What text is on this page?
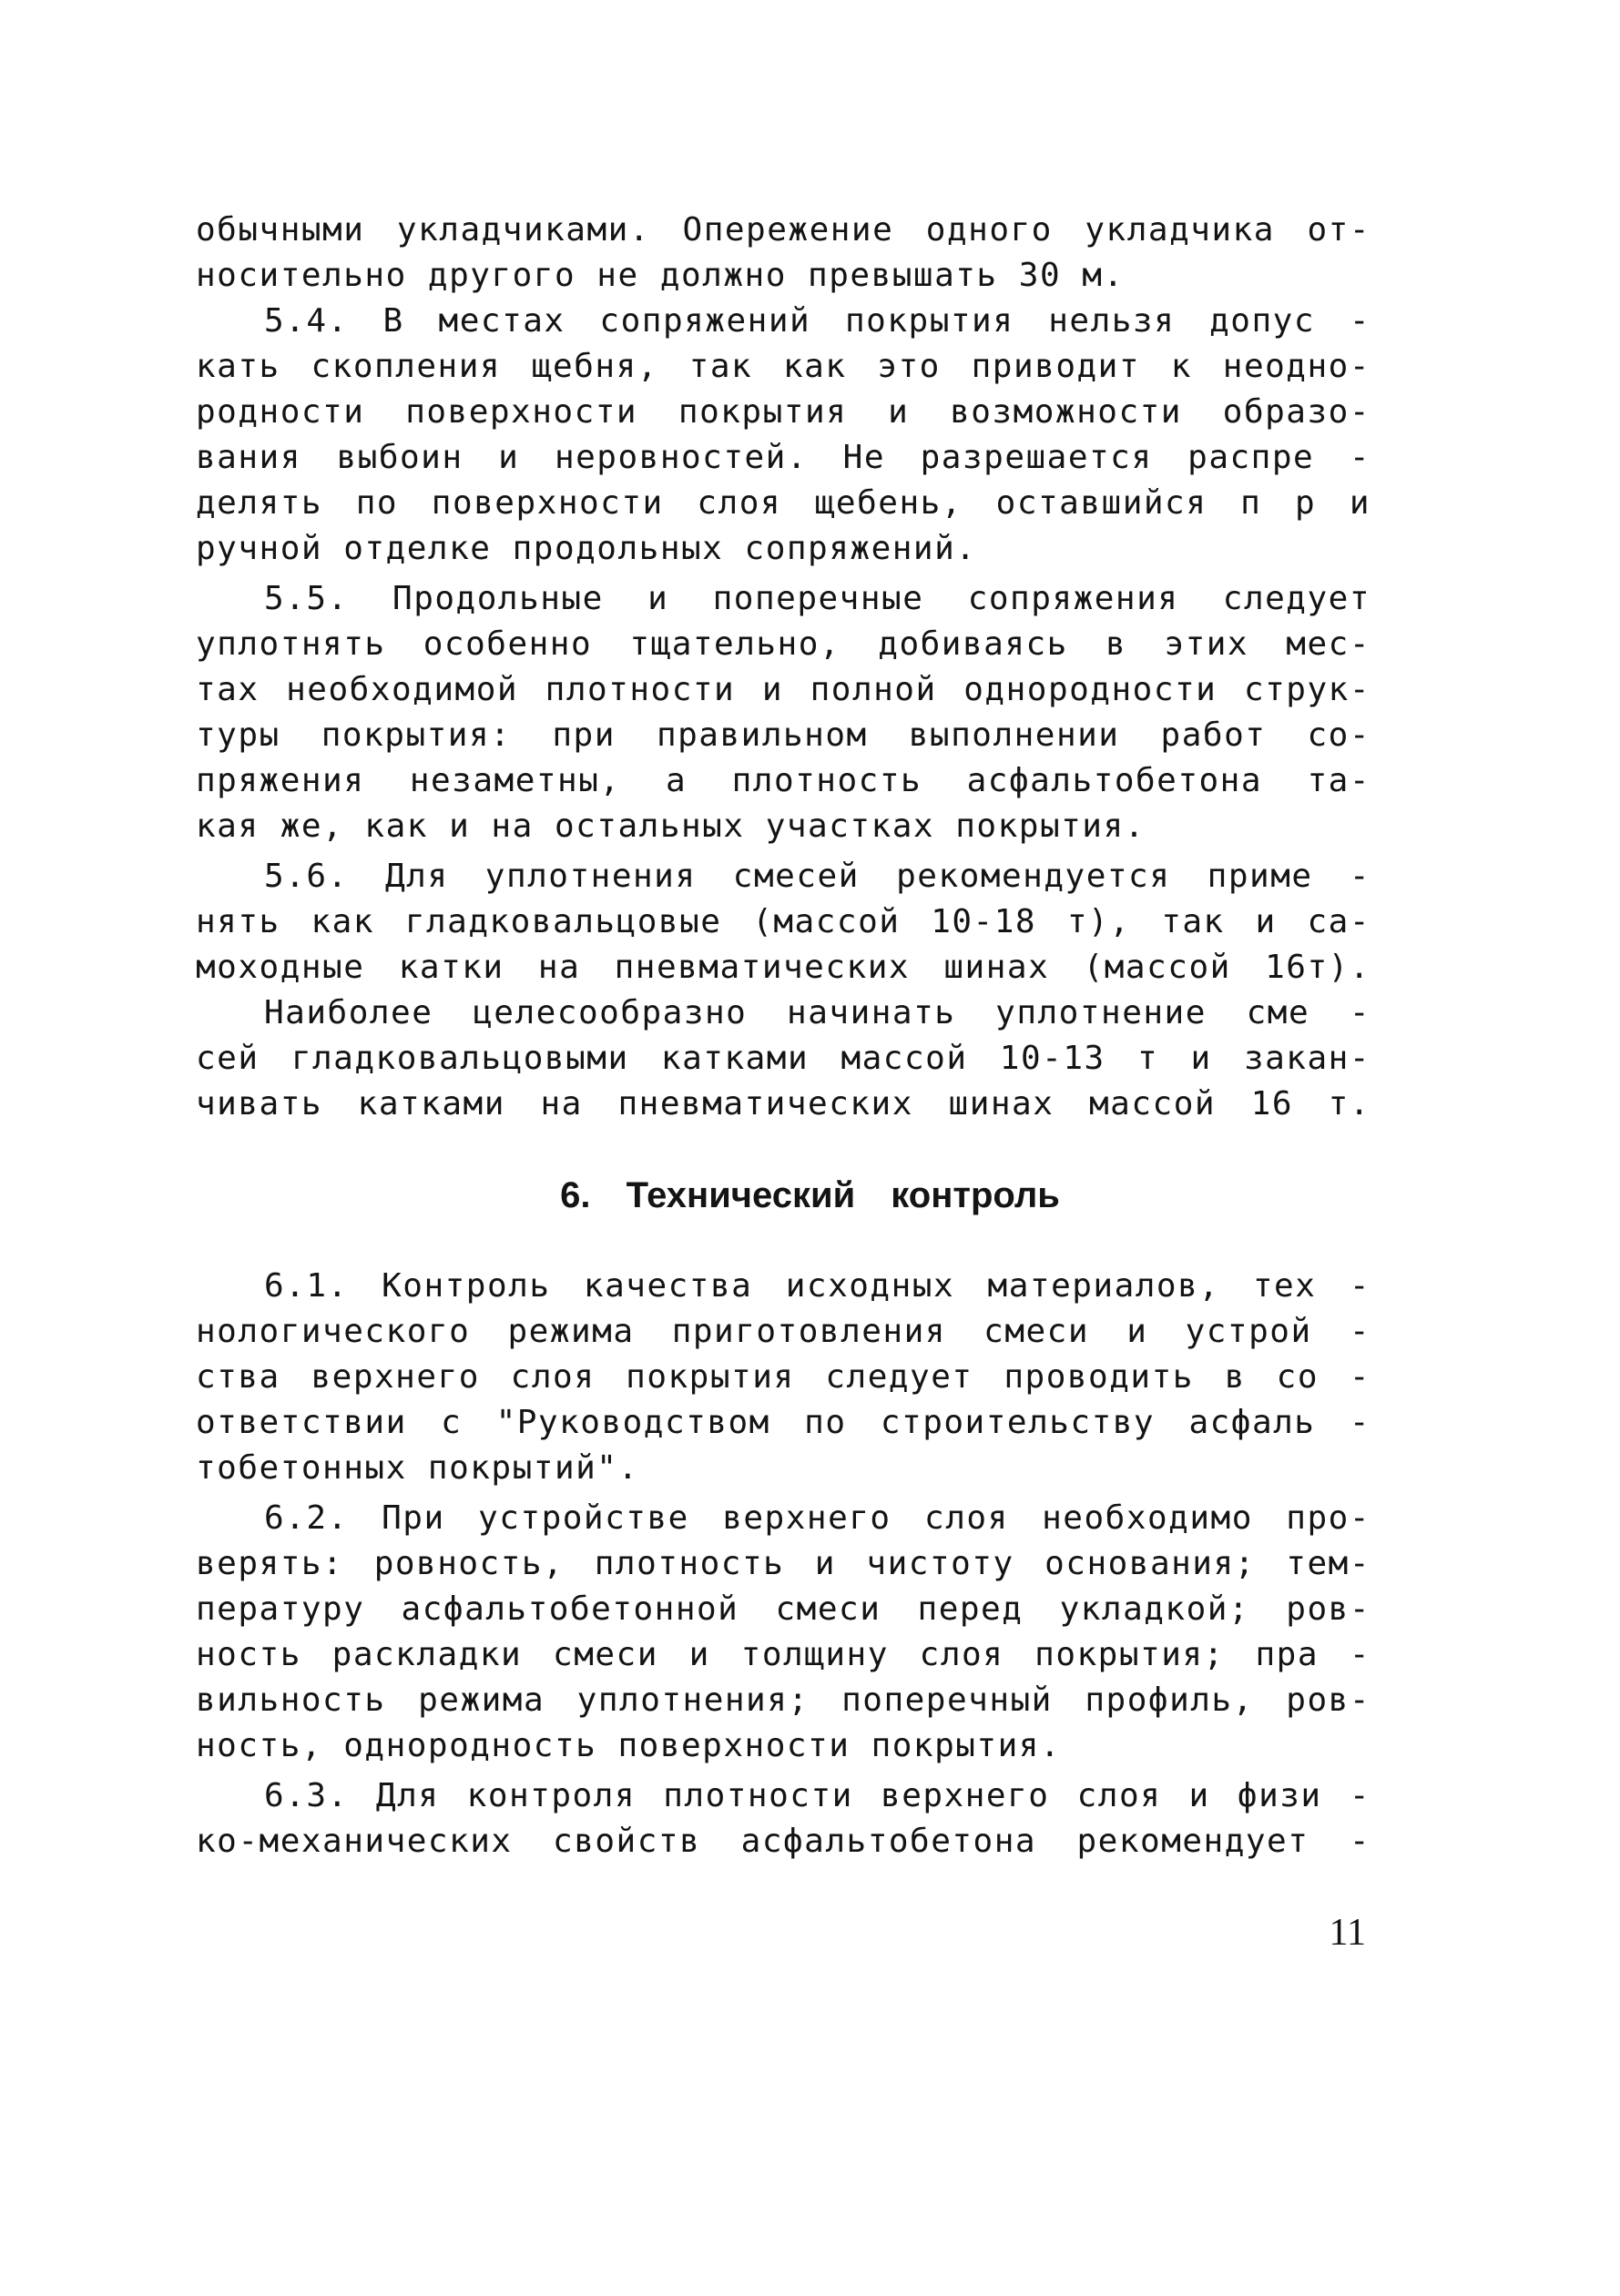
обычными укладчиками. Опережение одного укладчика от-
носительно другого не должно превышать 30 м.
5.4. В местах сопряжений покрытия нельзя допус -
кать скопления щебня, так как это приводит к неодно-
родности поверхности покрытия и возможности образо-
вания выбоин и неровностей. Не разрешается распре -
делять по поверхности слоя щебень, оставшийся п р и
ручной отделке продольных сопряжений.
5.5. Продольные и поперечные сопряжения следует
уплотнять особенно тщательно, добиваясь в этих мес-
тах необходимой плотности и полной однородности струк-
туры покрытия: при правильном выполнении работ со-
пряжения незаметны, а плотность асфальтобетона та-
кая же, как и на остальных участках покрытия.
5.6. Для уплотнения смесей рекомендуется приме -
нять как гладковальцовые (массой 10-18 т), так и са-
моходные катки на пневматических шинах (массой 16т).
Наиболее целесообразно начинать уплотнение сме -
сей гладковальцовыми катками массой 10-13 т и закан-
чивать катками на пневматических шинах массой 16 т.
6. Технический контроль
6.1. Контроль качества исходных материалов, тех -
нологического режима приготовления смеси и устрой -
ства верхнего слоя покрытия следует проводить в со -
ответствии с "Руководством по строительству асфаль -
тобетонных покрытий".
6.2. При устройстве верхнего слоя необходимо про-
верять: ровность, плотность и чистоту основания; тем-
пературу асфальтобетонной смеси перед укладкой; ров-
ность раскладки смеси и толщину слоя покрытия; пра -
вильность режима уплотнения; поперечный профиль, ров-
ность, однородность поверхности покрытия.
6.3. Для контроля плотности верхнего слоя и физи -
ко-механических свойств асфальтобетона рекомендует -
11
